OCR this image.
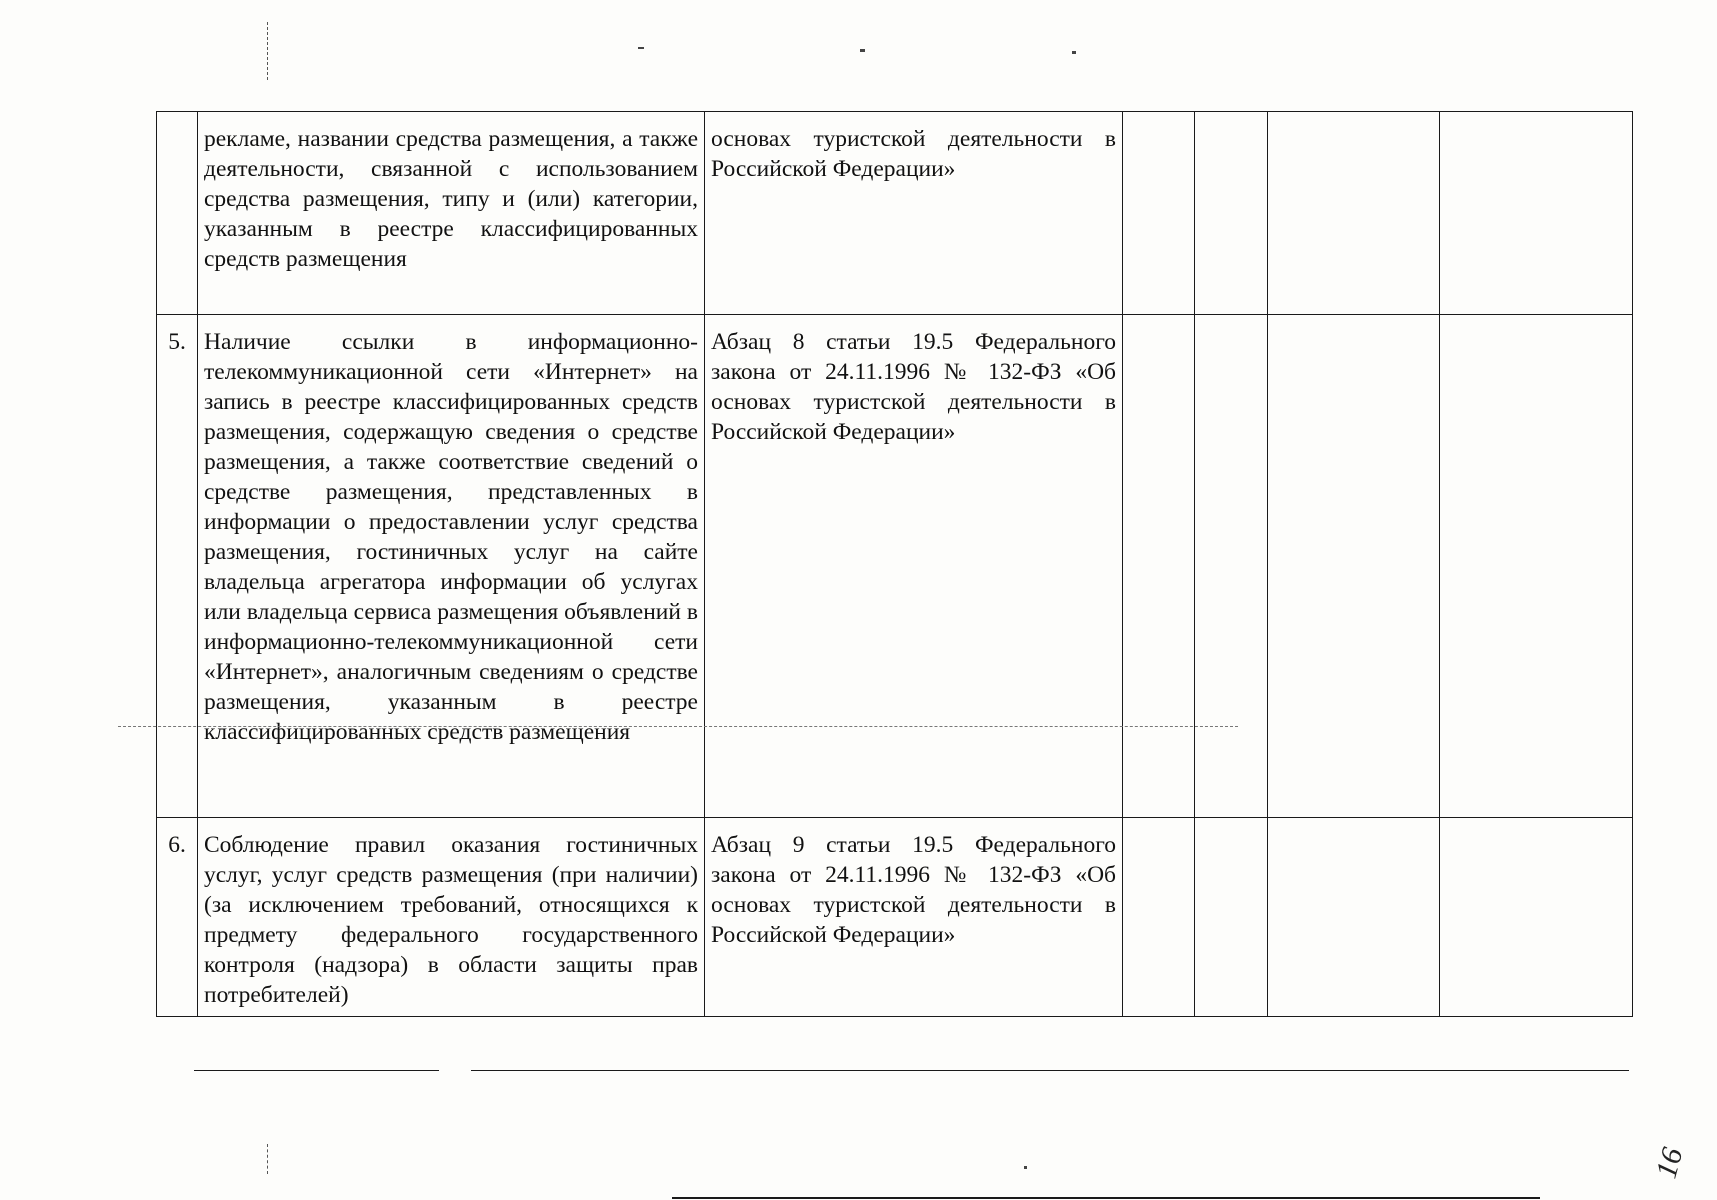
	рекламе, названии средства размещения, а также деятельности, связанной с использованием средства размещения, типу и (или) категории, указанным в реестре классифицированных средств размещения	основах туристской деятельности в Российской Федерации»				
5.	Наличие ссылки в информационно-телекоммуникационной сети «Интернет» на запись в реестре классифицированных средств размещения, содержащую сведения о средстве размещения, а также соответствие сведений о средстве размещения, представленных в информации о предоставлении услуг средства размещения, гостиничных услуг на сайте владельца агрегатора информации об услугах или владельца сервиса размещения объявлений в информационно-телекоммуникационной сети «Интернет», аналогичным сведениям о средстве размещения, указанным в реестре классифицированных средств размещения	Абзац 8 статьи 19.5 Федерального закона от 24.11.1996 № 132-ФЗ «Об основах туристской деятельности в Российской Федерации»				
6.	Соблюдение правил оказания гостиничных услуг, услуг средств размещения (при наличии) (за исключением требований, относящихся к предмету федерального государственного контроля (надзора) в области защиты прав потребителей)	Абзац 9 статьи 19.5 Федерального закона от 24.11.1996 № 132-ФЗ «Об основах туристской деятельности в Российской Федерации»				
16
